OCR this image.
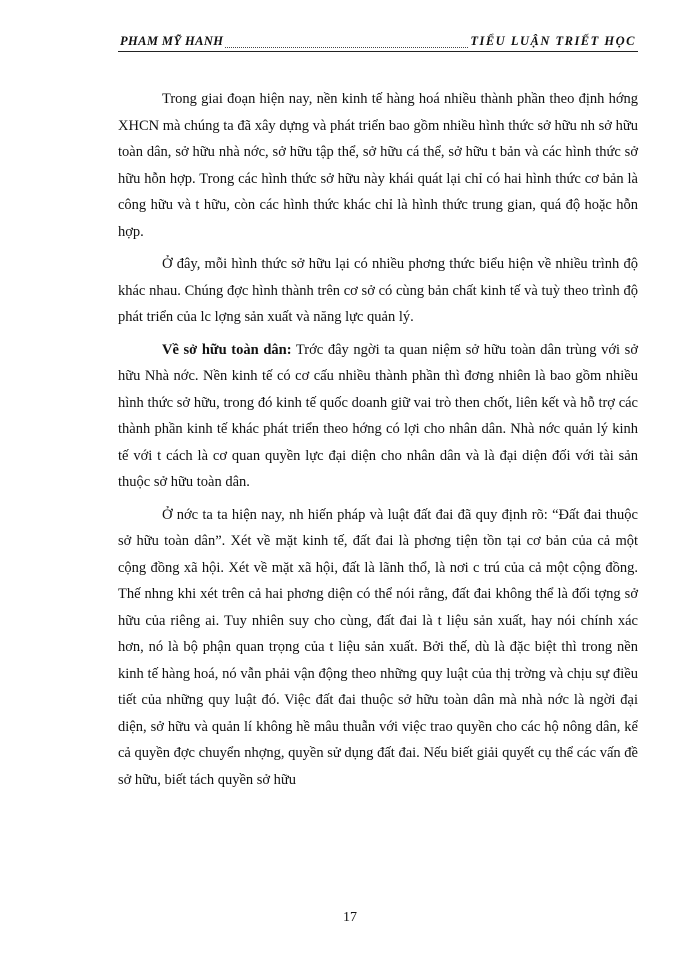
PHAM MỸ HANH	TIỂU LUẬN TRIẾT HỌC

Trong giai đoạn hiện nay, nền kinh tế hàng hoá nhiều thành phần theo định hớng XHCN mà chúng ta đã xây dựng và phát triển bao gồm nhiều hình thức sở hữu nh sở hữu toàn dân, sở hữu nhà nớc, sở hữu tập thể, sở hữu cá thể, sở hữu t bản và các hình thức sở hữu hỗn hợp. Trong các hình thức sở hữu này khái quát lại chỉ có hai hình thức cơ bản là công hữu và t hữu, còn các hình thức khác chỉ là hình thức trung gian, quá độ hoặc hỗn hợp.

Ở đây, mỗi hình thức sở hữu lại có nhiều phơng thức biểu hiện về nhiều trình độ khác nhau. Chúng đợc hình thành trên cơ sở có cùng bản chất kinh tế và tuỳ theo trình độ phát triển của lc lợng sản xuất và năng lực quản lý.

Về sở hữu toàn dân: Trớc đây ngời ta quan niệm sở hữu toàn dân trùng với sở hữu Nhà nớc. Nền kinh tế có cơ cấu nhiều thành phần thì đơng nhiên là bao gồm nhiều hình thức sở hữu, trong đó kinh tế quốc doanh giữ vai trò then chốt, liên kết và hỗ trợ các thành phần kinh tế khác phát triển theo hớng có lợi cho nhân dân. Nhà nớc quản lý kinh tế với t cách là cơ quan quyền lực đại diện cho nhân dân và là đại diện đối với tài sản thuộc sở hữu toàn dân.

Ở nớc ta ta hiện nay, nh hiến pháp và luật đất đai đã quy định rõ: “Đất đai thuộc sở hữu toàn dân”. Xét về mặt kinh tế, đất đai là phơng tiện tồn tại cơ bản của cả một cộng đồng xã hội. Xét về mặt xã hội, đất là lãnh thổ, là nơi c trú của cả một cộng đồng. Thế nhng khi xét trên cả hai phơng diện có thể nói rằng, đất đai không thể là đối tợng sở hữu của riêng ai. Tuy nhiên suy cho cùng, đất đai là t liệu sản xuất, hay nói chính xác hơn, nó là bộ phận quan trọng của t liệu sản xuất. Bởi thế, dù là đặc biệt thì trong nền kinh tế hàng hoá, nó vẫn phải vận động theo những quy luật của thị trờng và chịu sự điều tiết của những quy luật đó. Việc đất đai thuộc sở hữu toàn dân mà nhà nớc là ngời đại diện, sở hữu và quản lí không hề mâu thuẫn với việc trao quyền cho các hộ nông dân, kể cả quyền đợc chuyển nhợng, quyền sử dụng đất đai. Nếu biết giải quyết cụ thể các vấn đề sở hữu, biết tách quyền sở hữu

17
